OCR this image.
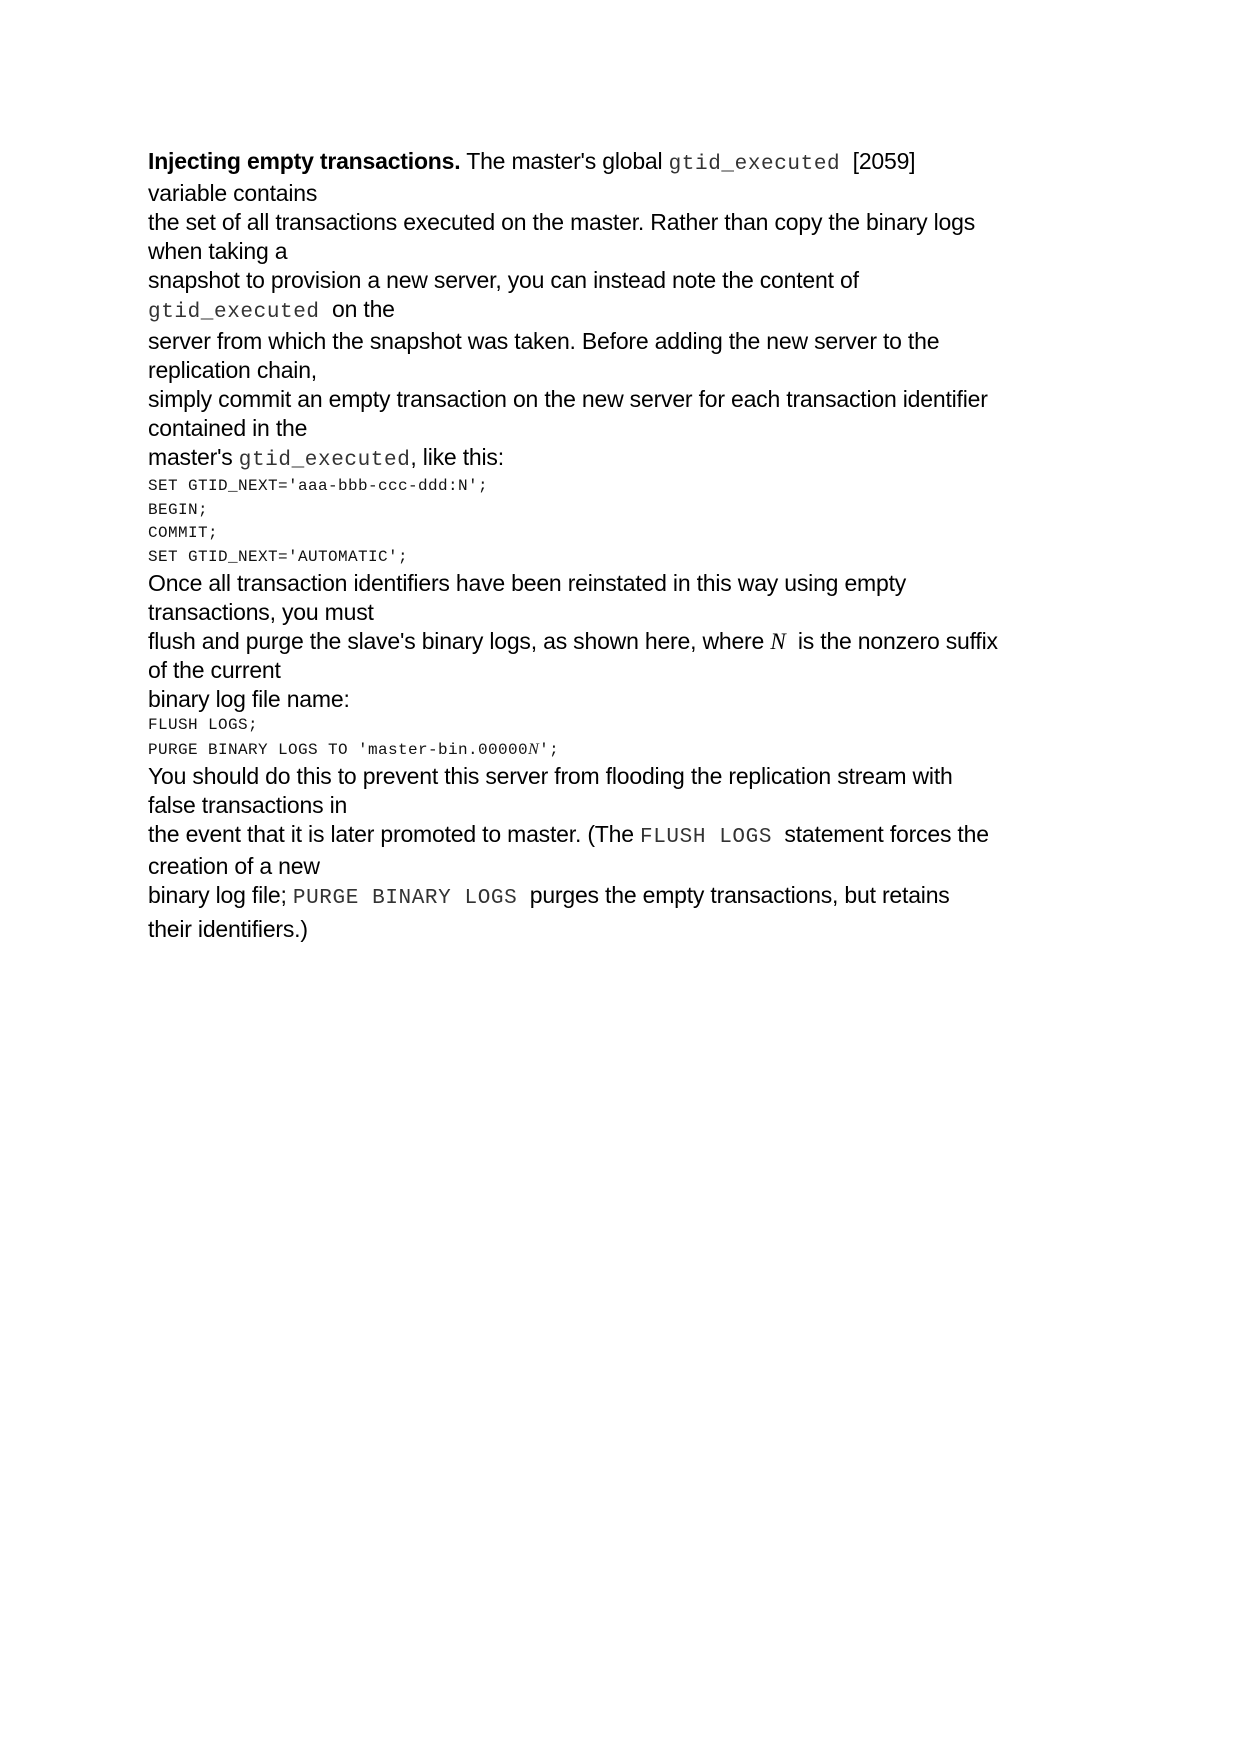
Injecting empty transactions. The master's global gtid_executed  [2059]
variable contains
the set of all transactions executed on the master. Rather than copy the binary logs
when taking a
snapshot to provision a new server, you can instead note the content of
gtid_executed  on the
server from which the snapshot was taken. Before adding the new server to the
replication chain,
simply commit an empty transaction on the new server for each transaction identifier
contained in the
master's gtid_executed, like this:
SET GTID_NEXT='aaa-bbb-ccc-ddd:N';
BEGIN;
COMMIT;
SET GTID_NEXT='AUTOMATIC';
Once all transaction identifiers have been reinstated in this way using empty
transactions, you must
flush and purge the slave's binary logs, as shown here, where N  is the nonzero suffix
of the current
binary log file name:
FLUSH LOGS;
PURGE BINARY LOGS TO 'master-bin.00000N';
You should do this to prevent this server from flooding the replication stream with
false transactions in
the event that it is later promoted to master. (The FLUSH LOGS  statement forces the
creation of a new
binary log file; PURGE BINARY LOGS  purges the empty transactions, but retains
their identifiers.)
